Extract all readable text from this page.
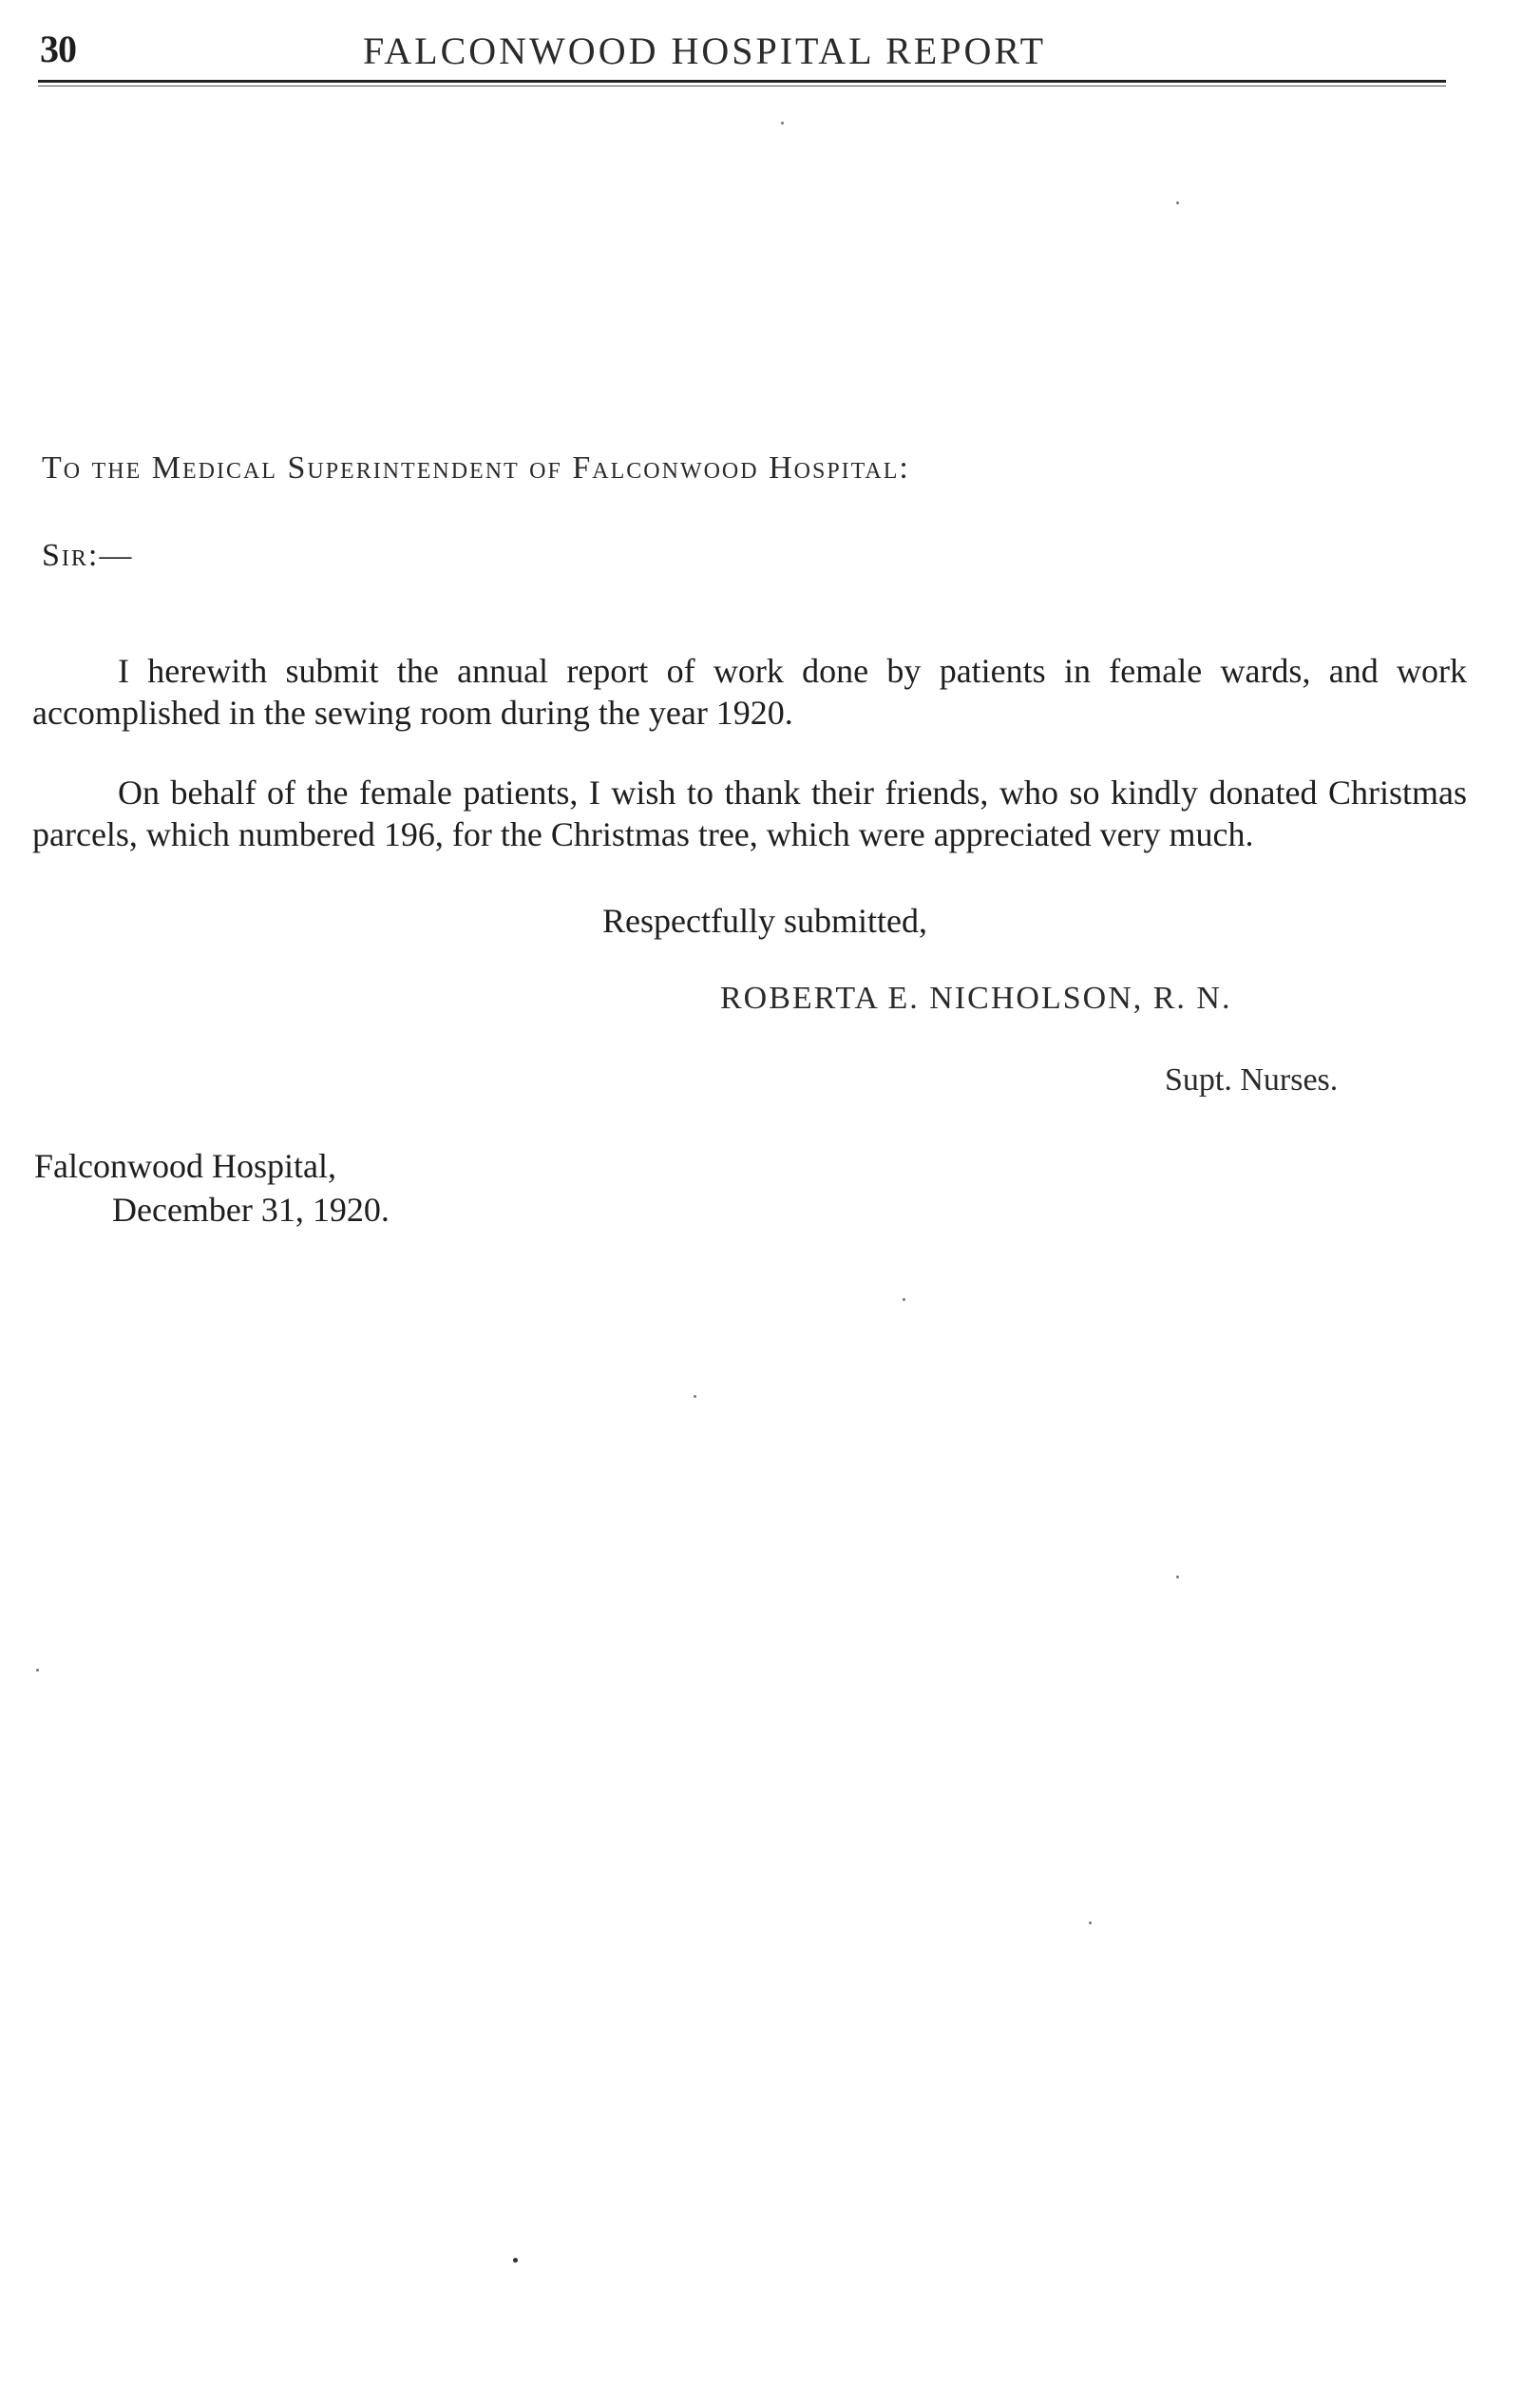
30	FALCONWOOD HOSPITAL REPORT
To the Medical Superintendent of Falconwood Hospital:
Sir:—

I herewith submit the annual report of work done by patients in female wards, and work accomplished in the sewing room during the year 1920.

On behalf of the female patients, I wish to thank their friends, who so kindly donated Christmas parcels, which numbered 196, for the Christmas tree, which were appreciated very much.

Respectfully submitted,
ROBERTA E. NICHOLSON, R. N.
Supt. Nurses.
Falconwood Hospital,
December 31, 1920.
